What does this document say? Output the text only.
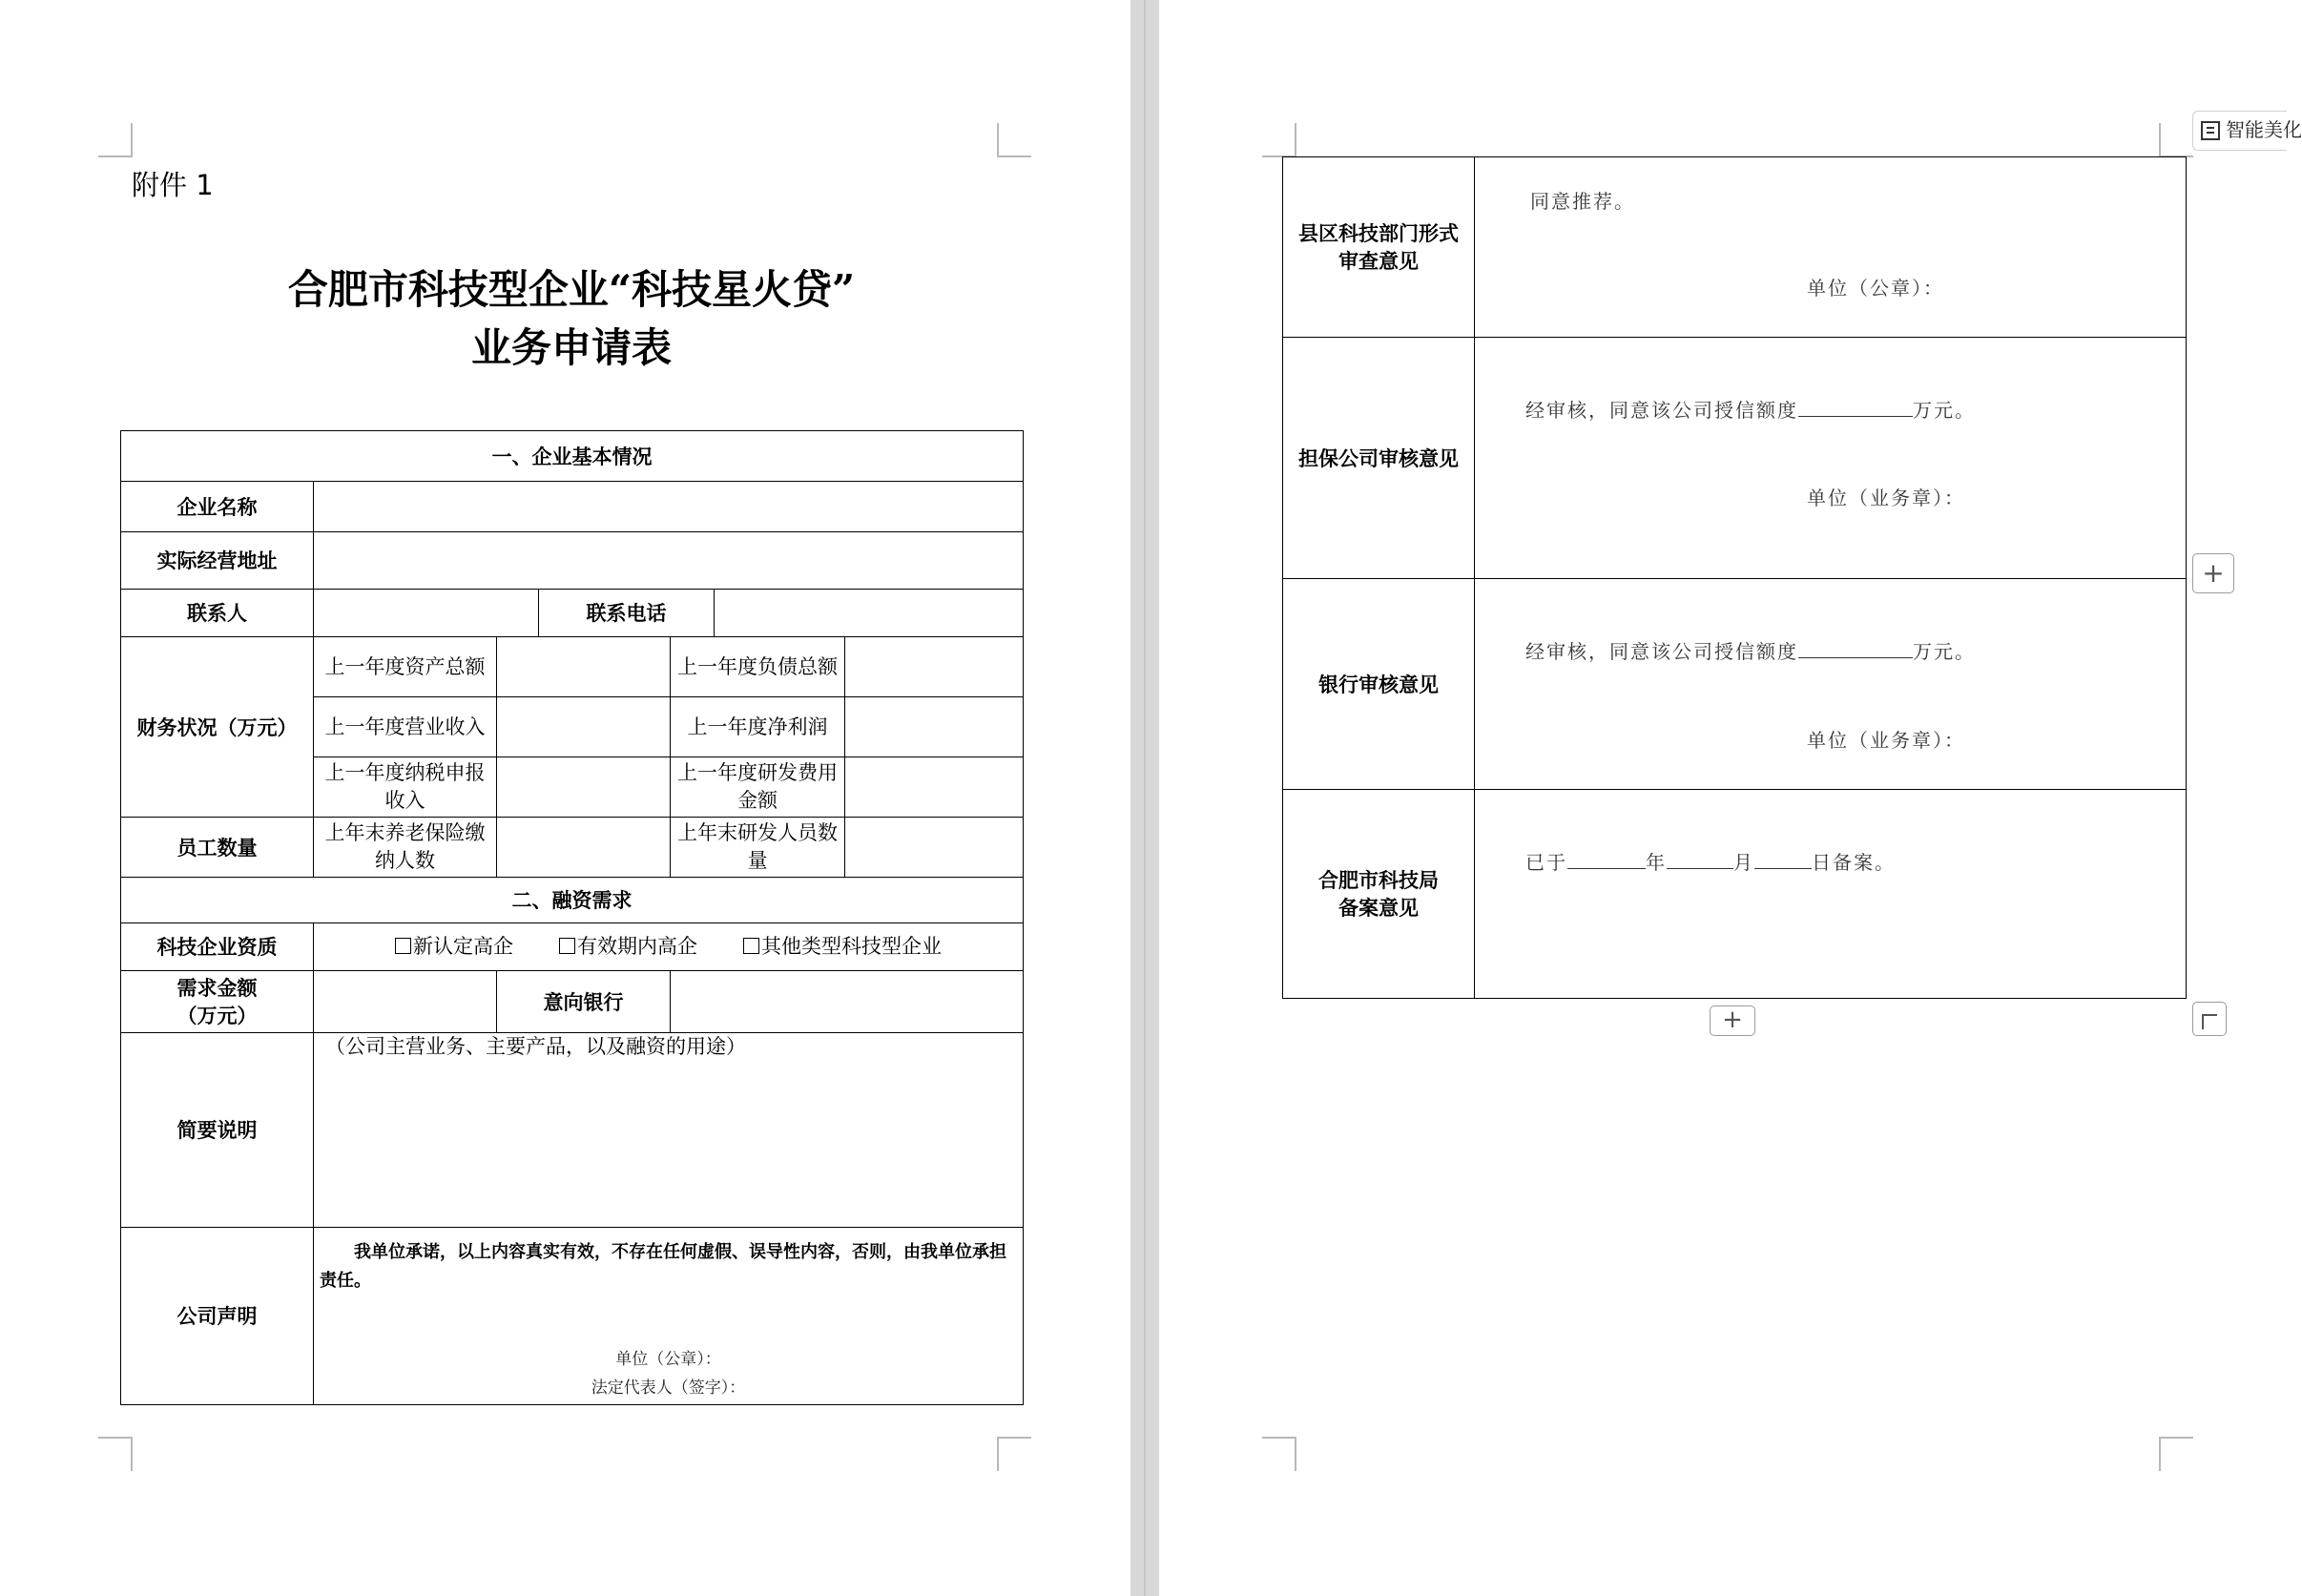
附件 1
合肥市科技型企业“科技星火贷”
业务申请表
一、企业基本情况						
企业名称						
实际经营地址						
联系人			联系电话			
财务状况（万元）	上一年度资产总额			上一年度负债总额		
	上一年度营业收入			上一年度净利润		
	上一年度纳税申报收入			上一年度研发费用金额		
员工数量	上年末养老保险缴纳人数			上年末研发人员数量		
二、融资需求						
科技企业资质	新认定高企 有效期内高企 其他类型科技型企业					
需求金额
（万元）		意向银行				
简要说明	（公司主营业务、主要产品，以及融资的用途）					
公司声明	我单位承诺，以上内容真实有效，不存在任何虚假、误导性内容，否则，由我单位承担责任。
单位（公章）：
法定代表人（签字）：					
县区科技部门形式
审查意见	同意推荐。
单位（公章）：

担保公司审核意见	经审核，同意该公司授信额度 万元。
单位（业务章）：

银行审核意见	经审核，同意该公司授信额度 万元。
单位（业务章）：

合肥市科技局
备案意见	已于 年 月 日备案。
智能美化
+
+
